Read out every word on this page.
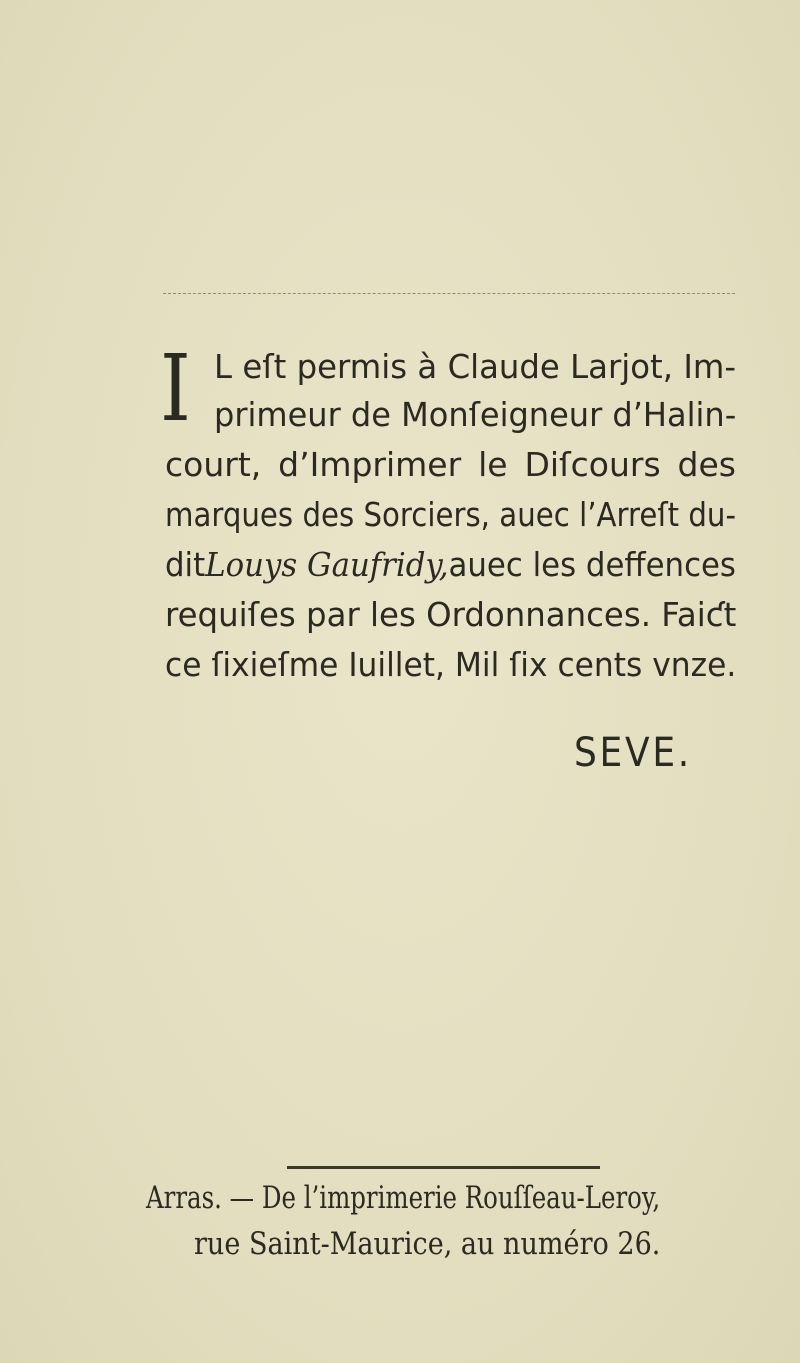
I L eſt permis à Claude Larjot, Im-
primeur de Monſeigneur d’Halin-
court, d’Imprimer le Diſcours des
marques des Sorciers, auec l’Arreſt du-
dit Louys Gaufridy, auec les deffences
requiſes par les Ordonnances. Faiƈt
ce ſixieſme Iuillet, Mil ſix cents vnze.
SEVE.
Arras. — De l’imprimerie Rouſſeau-Leroy,
rue Saint-Maurice, au numéro 26.
